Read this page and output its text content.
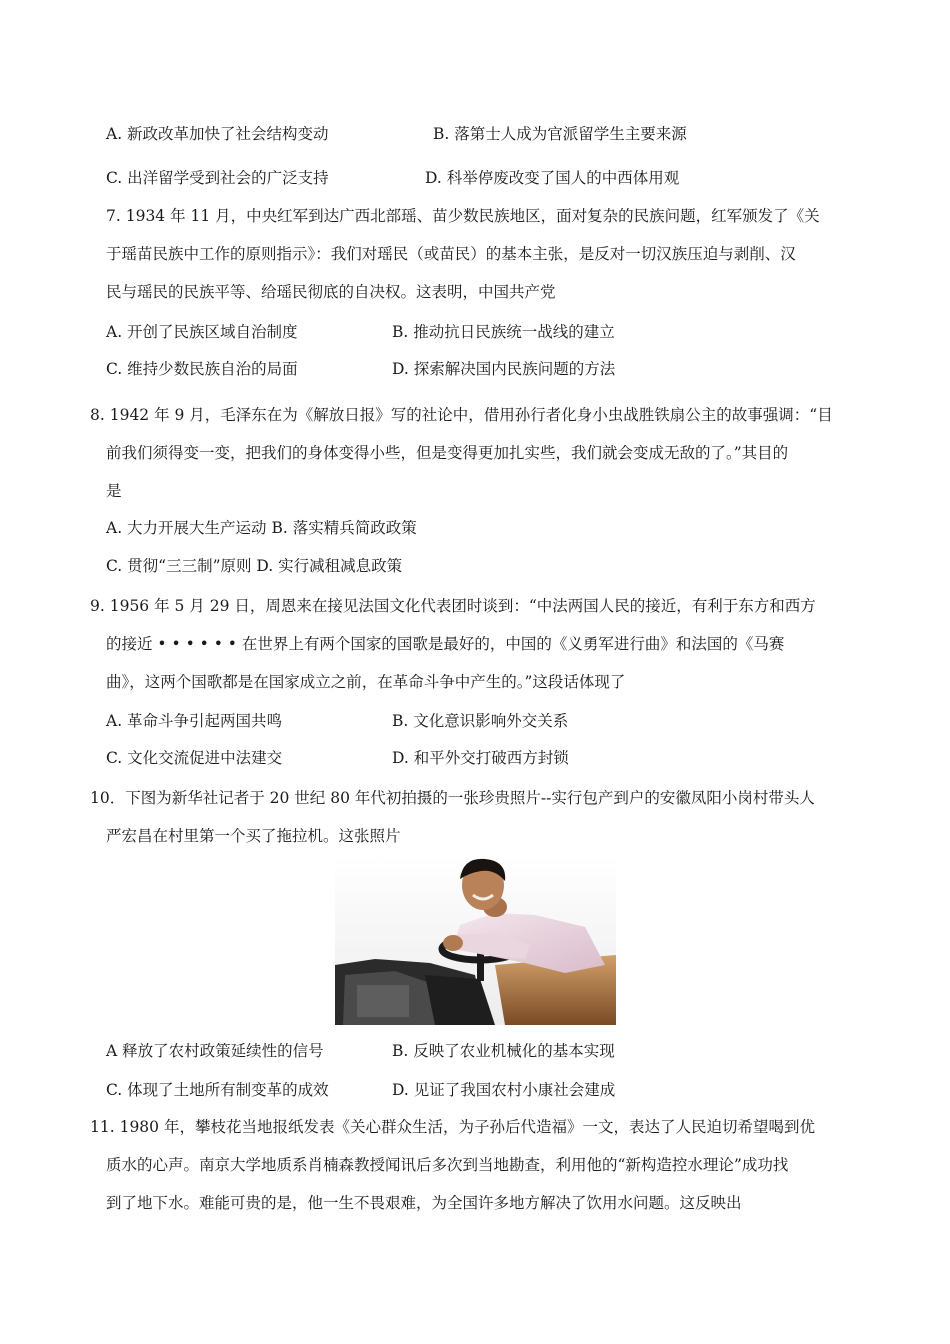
A. 新政改革加快了社会结构变动	B. 落第士人成为官派留学生主要来源
C. 出洋留学受到社会的广泛支持	D. 科举停废改变了国人的中西体用观
7. 1934 年 11 月，中央红军到达广西北部瑶、苗少数民族地区，面对复杂的民族问题，红军颁发了《关
于瑶苗民族中工作的原则指示》：我们对瑶民（或苗民）的基本主张，是反对一切汉族压迫与剥削、汉
民与瑶民的民族平等、给瑶民彻底的自决权。这表明，中国共产党
A. 开创了民族区域自治制度	B. 推动抗日民族统一战线的建立
C. 维持少数民族自治的局面	D. 探索解决国内民族问题的方法
8. 1942 年 9 月，毛泽东在为《解放日报》写的社论中，借用孙行者化身小虫战胜铁扇公主的故事强调：“目
前我们须得变一变，把我们的身体变得小些，但是变得更加扎实些，我们就会变成无敌的了。”其目的
是
A. 大力开展大生产运动 B. 落实精兵简政政策
C. 贯彻“三三制”原则 D. 实行减租减息政策
9. 1956 年 5 月 29 日，周恩来在接见法国文化代表团时谈到：“中法两国人民的接近，有利于东方和西方
的接近 • • • • • • 在世界上有两个国家的国歌是最好的，中国的《义勇军进行曲》和法国的《马赛
曲》，这两个国歌都是在国家成立之前，在革命斗争中产生的。”这段话体现了
A. 革命斗争引起两国共鸣	B. 文化意识影响外交关系
C. 文化交流促进中法建交	D. 和平外交打破西方封锁
10．下图为新华社记者于 20 世纪 80 年代初拍摄的一张珍贵照片--实行包产到户的安徽凤阳小岗村带头人
严宏昌在村里第一个买了拖拉机。这张照片
A 释放了农村政策延续性的信号	B. 反映了农业机械化的基本实现
C. 体现了土地所有制变革的成效	D. 见证了我国农村小康社会建成
11. 1980 年，攀枝花当地报纸发表《关心群众生活，为子孙后代造福》一文，表达了人民迫切希望喝到优
质水的心声。南京大学地质系肖楠森教授闻讯后多次到当地勘查，利用他的“新构造控水理论”成功找
到了地下水。难能可贵的是，他一生不畏艰难，为全国许多地方解决了饮用水问题。这反映出
